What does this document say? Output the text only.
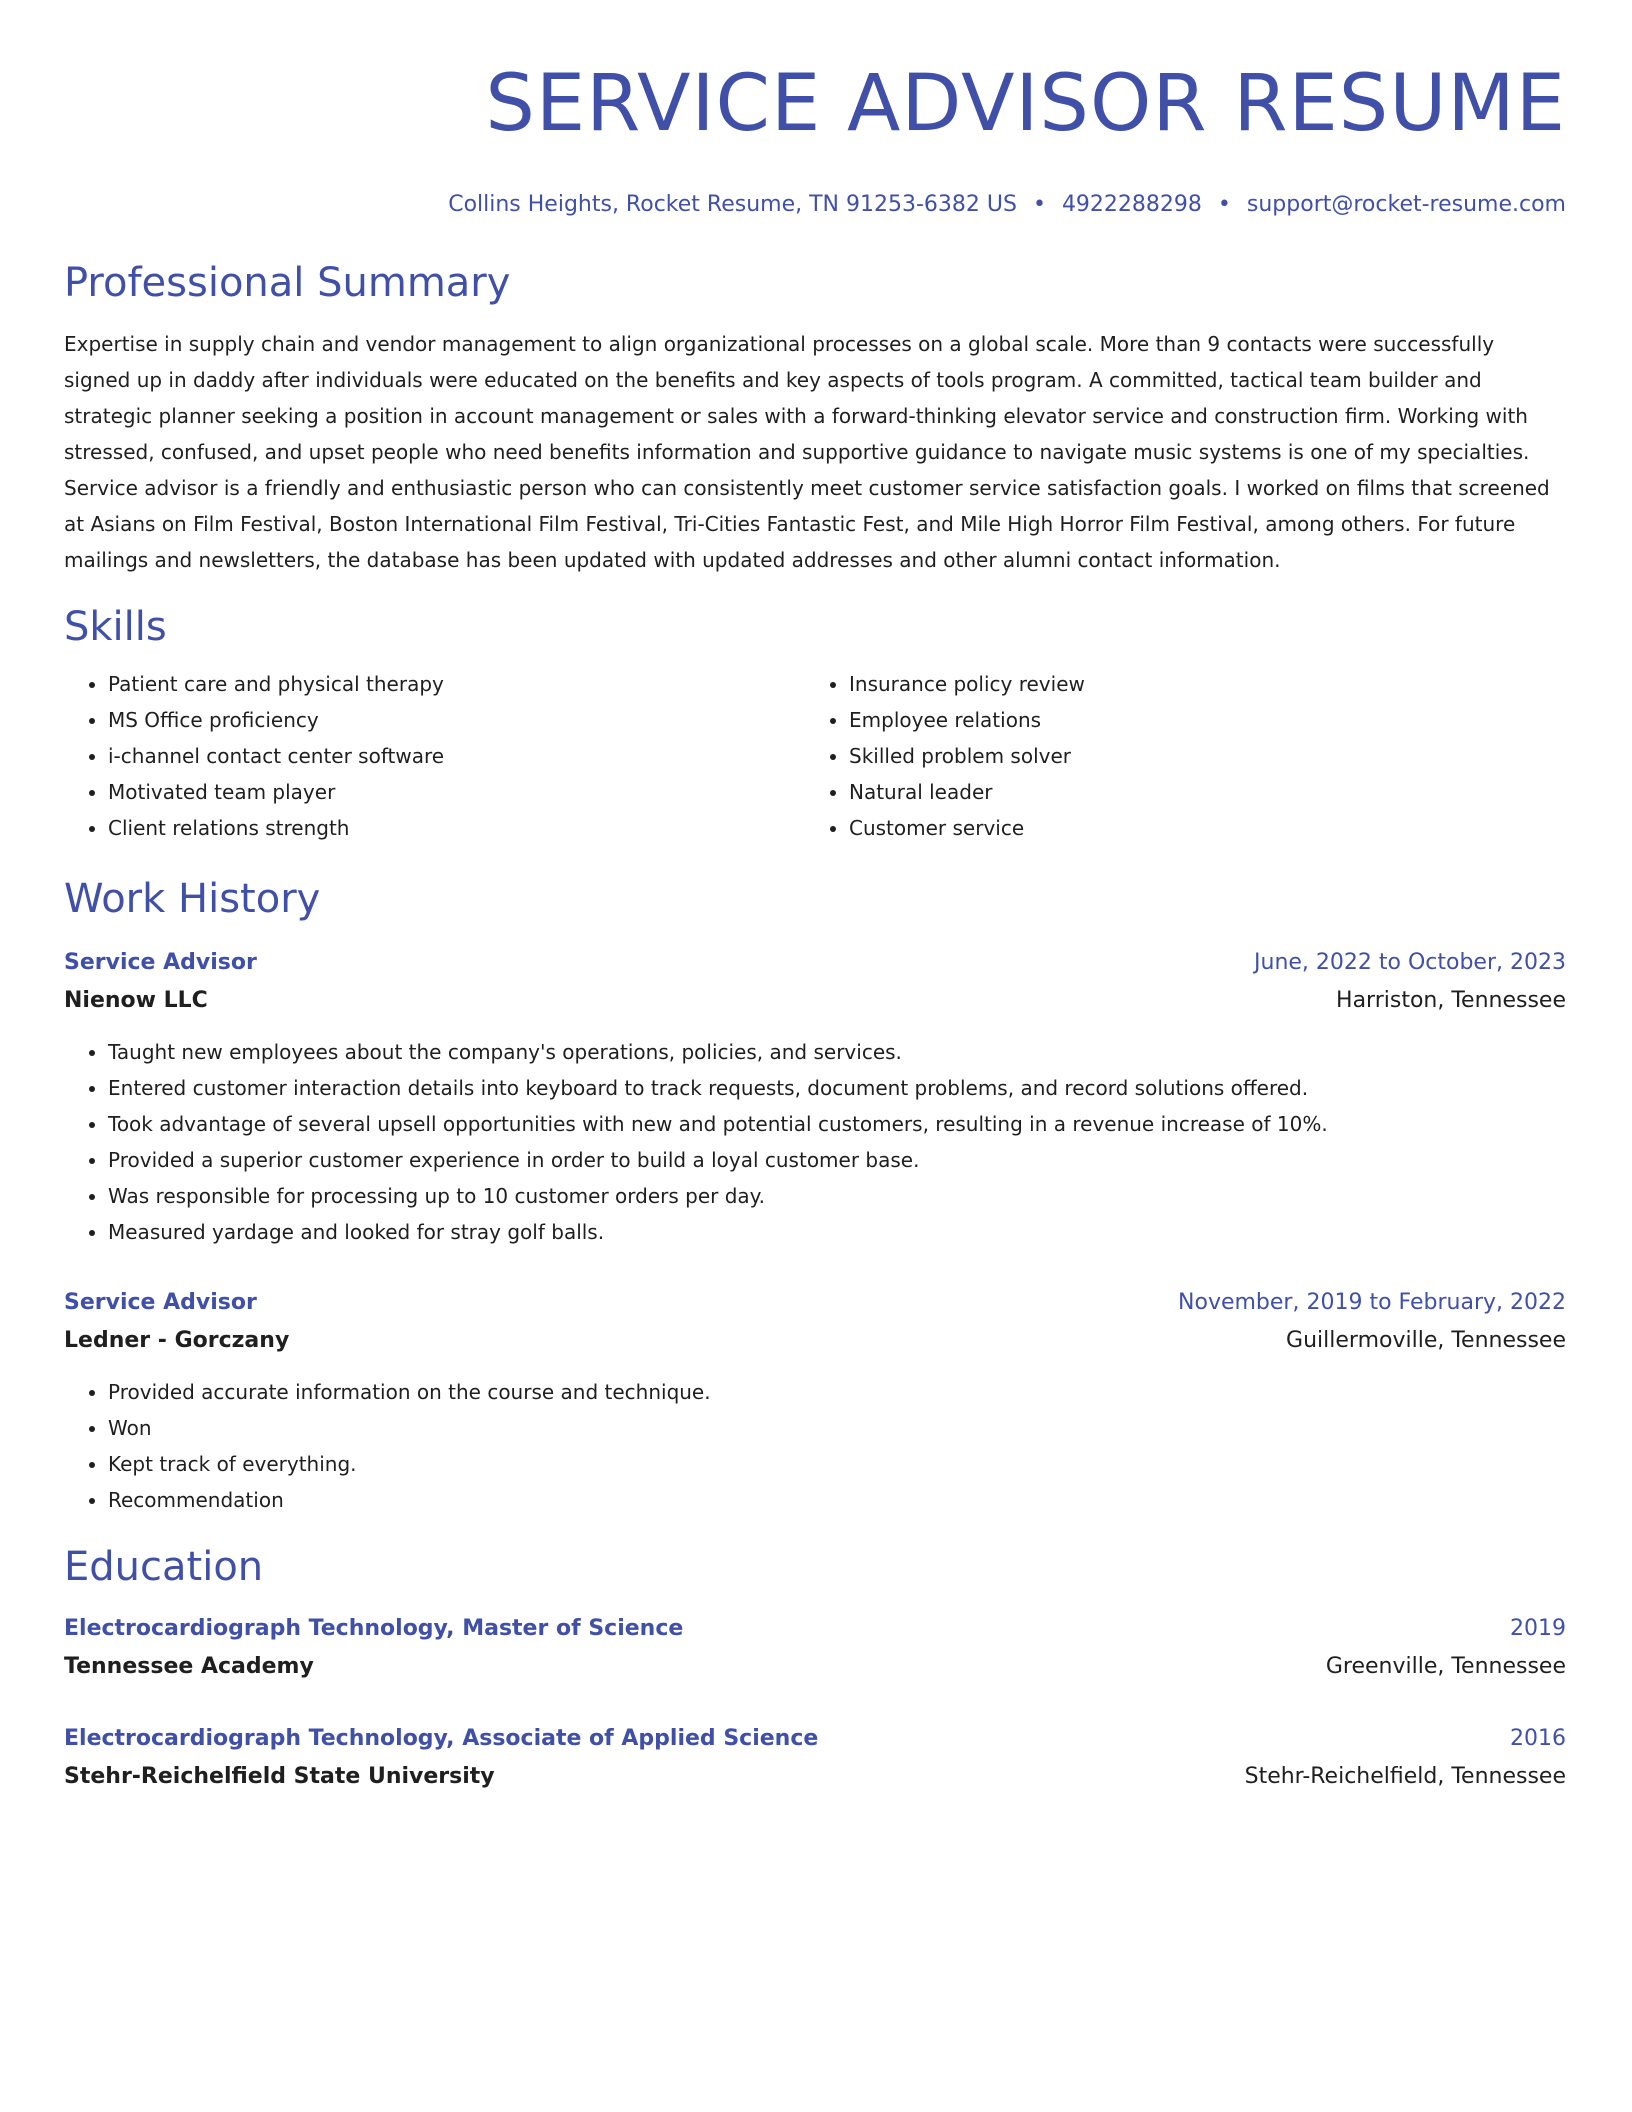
SERVICE ADVISOR RESUME
Collins Heights, Rocket Resume, TN 91253-6382 US • 4922288298 • support@rocket-resume.com
Professional Summary

Expertise in supply chain and vendor management to align organizational processes on a global scale. More than 9 contacts were successfully signed up in daddy after individuals were educated on the benefits and key aspects of tools program. A committed, tactical team builder and strategic planner seeking a position in account management or sales with a forward-thinking elevator service and construction firm. Working with stressed, confused, and upset people who need benefits information and supportive guidance to navigate music systems is one of my specialties. Service advisor is a friendly and enthusiastic person who can consistently meet customer service satisfaction goals. I worked on films that screened at Asians on Film Festival, Boston International Film Festival, Tri-Cities Fantastic Fest, and Mile High Horror Film Festival, among others. For future mailings and newsletters, the database has been updated with updated addresses and other alumni contact information.

Skills
• Patient care and physical therapy
• MS Office proficiency
• i-channel contact center software
• Motivated team player
• Client relations strength
• Insurance policy review
• Employee relations
• Skilled problem solver
• Natural leader
• Customer service
Work History
Service Advisor	June, 2022 to October, 2023
Nienow LLC	Harriston, Tennessee
• Taught new employees about the company's operations, policies, and services.
• Entered customer interaction details into keyboard to track requests, document problems, and record solutions offered.
• Took advantage of several upsell opportunities with new and potential customers, resulting in a revenue increase of 10%.
• Provided a superior customer experience in order to build a loyal customer base.
• Was responsible for processing up to 10 customer orders per day.
• Measured yardage and looked for stray golf balls.
Service Advisor	November, 2019 to February, 2022
Ledner - Gorczany	Guillermoville, Tennessee
• Provided accurate information on the course and technique.
• Won
• Kept track of everything.
• Recommendation
Education
Electrocardiograph Technology, Master of Science	2019
Tennessee Academy	Greenville, Tennessee
Electrocardiograph Technology, Associate of Applied Science	2016
Stehr-Reichelfield State University	Stehr-Reichelfield, Tennessee
